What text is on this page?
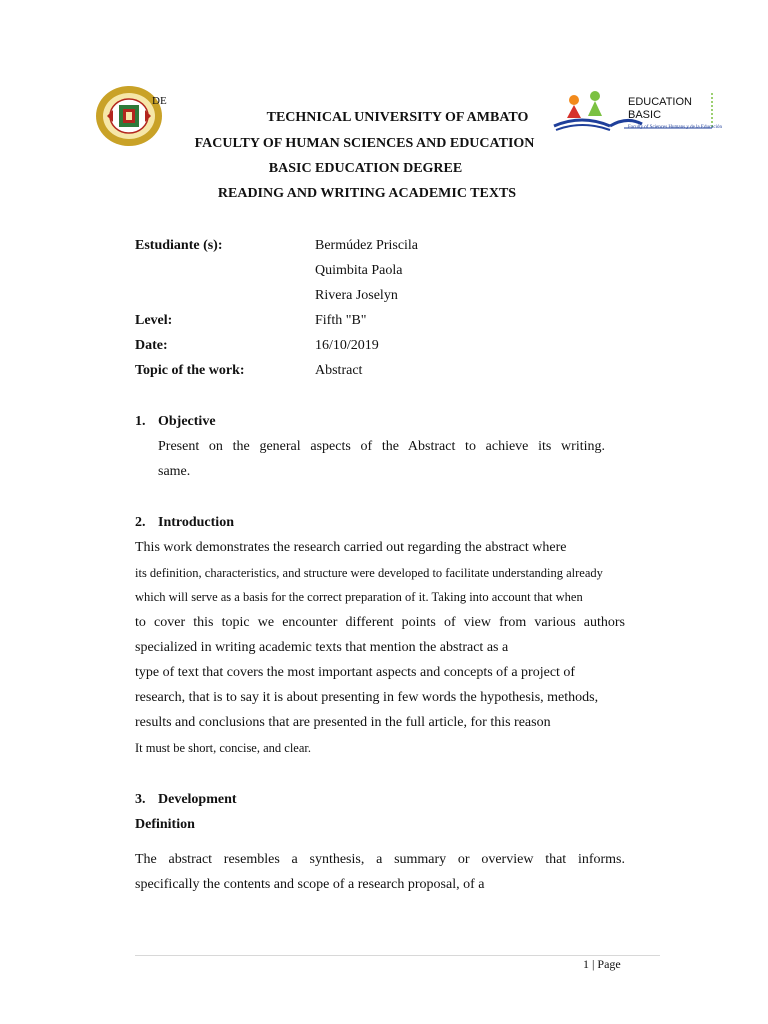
DE	EDUCATION
BASIC
Faculty of Sciences Humans y de la Educación
TECHNICAL UNIVERSITY OF AMBATO
FACULTY OF HUMAN SCIENCES AND EDUCATION
BASIC EDUCATION DEGREE
READING AND WRITING ACADEMIC TEXTS
Estudiante (s):	Bermúdez Priscila
Quimbita Paola
Rivera Joselyn
Level:	Fifth "B"
Date:	16/10/2019
Topic of the work:	Abstract
1. Objective
Present on the general aspects of the Abstract to achieve its writing.
same.
2. Introduction
This work demonstrates the research carried out regarding the abstract where
its definition, characteristics, and structure were developed to facilitate understanding already
which will serve as a basis for the correct preparation of it. Taking into account that when
to cover this topic we encounter different points of view from various authors
specialized in writing academic texts that mention the abstract as a
type of text that covers the most important aspects and concepts of a project of
research, that is to say it is about presenting in few words the hypothesis, methods,
results and conclusions that are presented in the full article, for this reason
It must be short, concise, and clear.
3. Development
Definition
The abstract resembles a synthesis, a summary or overview that informs.
specifically the contents and scope of a research proposal, of a
1 | Page
